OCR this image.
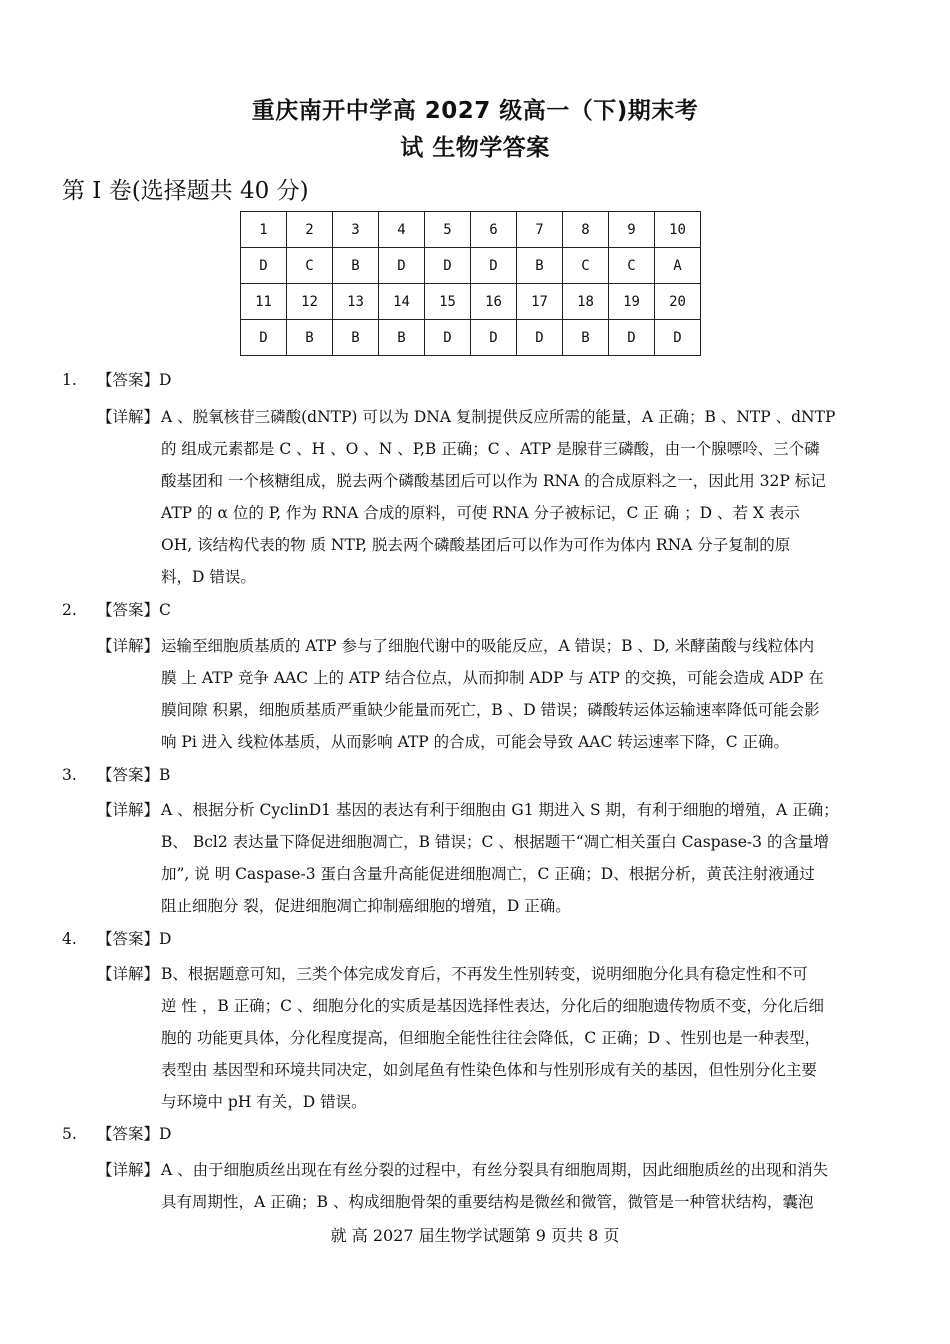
重庆南开中学高 2027 级高一（下)期末考
试 生物学答案
第 I 卷(选择题共 40 分)
1	2	3	4	5	6	7	8	9	10
D	C	B	D	D	D	B	C	C	A
11	12	13	14	15	16	17	18	19	20
D	B	B	B	D	D	D	B	D	D
1.	【答案】D
【详解】 A 、脱氧核苷三磷酸(dNTP) 可以为 DNA 复制提供反应所需的能量，A 正确；B 、NTP 、dNTP
的 组成元素都是 C 、H 、O 、N 、P,B 正确；C 、ATP 是腺苷三磷酸，由一个腺嘌呤、三个磷
酸基团和 一个核糖组成，脱去两个磷酸基团后可以作为 RNA 的合成原料之一，因此用 32P 标记
ATP 的 α 位的 P, 作为 RNA 合成的原料，可使 RNA 分子被标记，C 正 确 ；D 、若 X 表示
OH, 该结构代表的物 质 NTP, 脱去两个磷酸基团后可以作为可作为体内 RNA 分子复制的原
料，D 错误。
2.	【答案】C
【详解】 运输至细胞质基质的 ATP 参与了细胞代谢中的吸能反应，A 错误；B 、D, 米酵菌酸与线粒体内
膜 上 ATP 竞争 AAC 上的 ATP 结合位点，从而抑制 ADP 与 ATP 的交换，可能会造成 ADP 在
膜间隙 积累，细胞质基质严重缺少能量而死亡，B 、D 错误；磷酸转运体运输速率降低可能会影
响 Pi 进入 线粒体基质，从而影响 ATP 的合成，可能会导致 AAC 转运速率下降，C 正确。
3.	【答案】B
【详解】 A 、根据分析 CyclinD1 基因的表达有利于细胞由 G1 期进入 S 期，有利于细胞的增殖，A 正确；
B、 Bcl2 表达量下降促进细胞凋亡，B 错误；C 、根据题干“凋亡相关蛋白 Caspase-3 的含量增
加”, 说 明 Caspase-3 蛋白含量升高能促进细胞凋亡，C 正确；D、根据分析，黄芪注射液通过
阻止细胞分 裂，促进细胞凋亡抑制癌细胞的增殖，D 正确。
4.	【答案】D
【详解】 B、根据题意可知，三类个体完成发育后，不再发生性别转变，说明细胞分化具有稳定性和不可
逆 性 ，B 正确；C 、细胞分化的实质是基因选择性表达，分化后的细胞遗传物质不变，分化后细
胞的 功能更具体，分化程度提高，但细胞全能性往往会降低，C 正确；D 、性别也是一种表型，
表型由 基因型和环境共同决定，如剑尾鱼有性染色体和与性别形成有关的基因，但性别分化主要
与环境中 pH 有关，D 错误。
5.	【答案】D
【详解】 A 、由于细胞质丝出现在有丝分裂的过程中，有丝分裂具有细胞周期，因此细胞质丝的出现和消失
具有周期性，A 正确；B 、构成细胞骨架的重要结构是微丝和微管，微管是一种管状结构，囊泡
就 高 2027 届生物学试题第 9 页共 8 页
